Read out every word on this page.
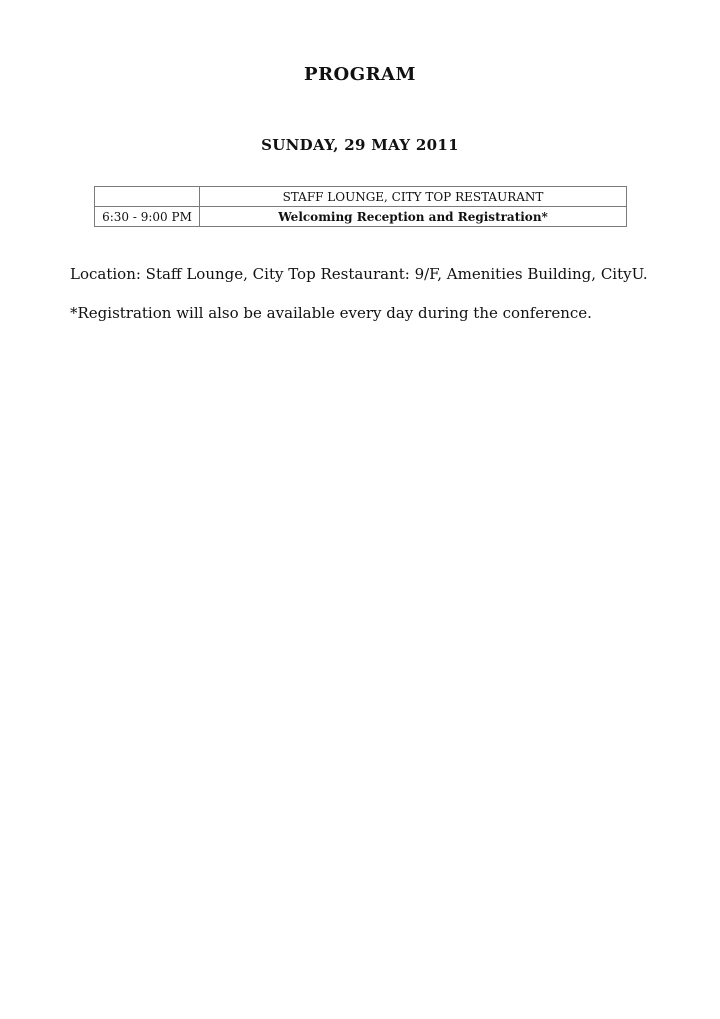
PROGRAM
SUNDAY, 29 MAY 2011
	STAFF LOUNGE, CITY TOP RESTAURANT
6:30 - 9:00 PM	Welcoming Reception and Registration*
Location: Staff Lounge, City Top Restaurant: 9/F, Amenities Building, CityU.
*Registration will also be available every day during the conference.
